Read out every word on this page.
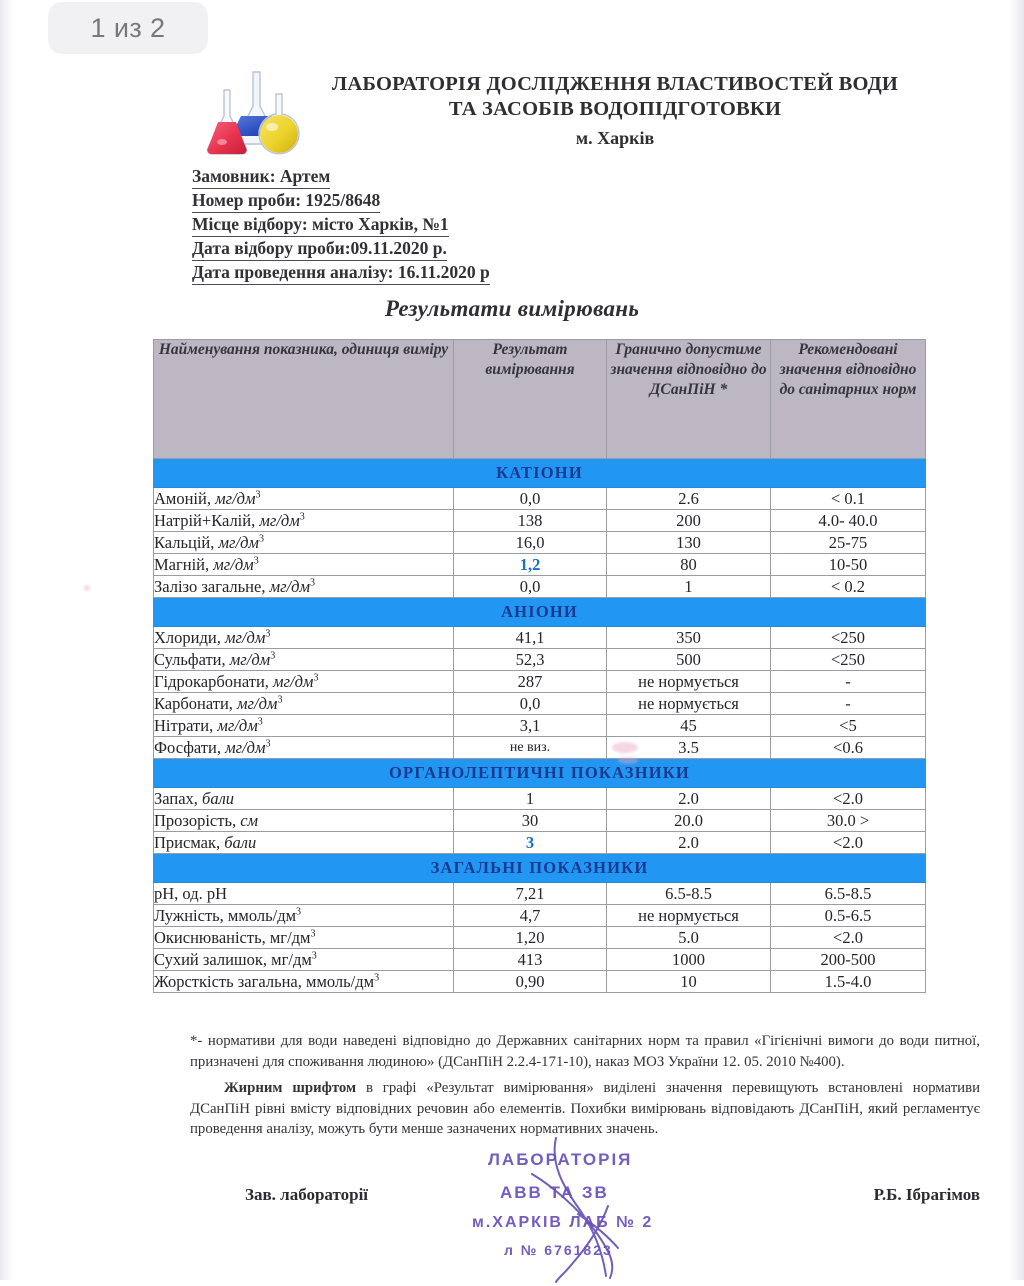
1 из 2
ЛАБОРАТОРІЯ ДОСЛІДЖЕННЯ ВЛАСТИВОСТЕЙ ВОДИ
ТА ЗАСОБІВ ВОДОПІДГОТОВКИ
м. Харків
Замовник: Артем
Номер проби: 1925/8648
Місце відбору: місто Харків, №1
Дата відбору проби:09.11.2020 р.
Дата проведення аналізу: 16.11.2020 р
Результати вимірювань
Найменування показника, одиниця виміру	Результат вимірювання	Гранично допустиме значення відповідно до ДСанПіН *	Рекомендовані значення відповідно до санітарних норм
КАТІОНИ			
Амоній, $мг/дм^3$	0,0	2.6	< 0.1
Натрій+Калій, $мг/дм^3$	138	200	4.0- 40.0
Кальцій, $мг/дм^3$	16,0	130	25-75
Магній, $мг/дм^3$	1,2	80	10-50
Залізо загальне, $мг/дм^3$	0,0	1	< 0.2
АНІОНИ			
Хлориди, $мг/дм^3$	41,1	350	<250
Сульфати, $мг/дм^3$	52,3	500	<250
Гідрокарбонати, $мг/дм^3$	287	не нормується	-
Карбонати, $мг/дм^3$	0,0	не нормується	-
Нітрати, $мг/дм^3$	3,1	45	<5
Фосфати, $мг/дм^3$	не виз.	3.5	<0.6
ОРГАНОЛЕПТИЧНІ ПОКАЗНИКИ			
Запах, бали	1	2.0	<2.0
Прозорість, см	30	20.0	30.0 >
Присмак, бали	3	2.0	<2.0
ЗАГАЛЬНІ ПОКАЗНИКИ			
pH, од. pH	7,21	6.5-8.5	6.5-8.5
Лужність, ммоль/$дм^3$	4,7	не нормується	0.5-6.5
Окиснюваність, $мг/дм^3$	1,20	5.0	<2.0
Сухий залишок, $мг/дм^3$	413	1000	200-500
Жорсткість загальна, ммоль/$дм^3$	0,90	10	1.5-4.0

*- нормативи для води наведені відповідно до Державних санітарних норм та правил «Гігієнічні вимоги до води питної, призначені для споживання людиною» (ДСанПіН 2.2.4-171-10), наказ МОЗ України 12. 05. 2010 №400).

Жирним шрифтом в графі «Результат вимірювання» виділені значення перевищують встановлені нормативи ДСанПіН рівні вмісту відповідних речовин або елементів. Похибки вимірювань відповідають ДСанПіН, який регламентує проведення аналізу, можуть бути менше зазначених нормативних значень.

Зав. лабораторії	Р.Б. Ібрагімов
ЛАБОРАТОРІЯ
АВВ ТА ЗВ
м.ХАРКІВ ЛАБ № 2
л № 6761823
